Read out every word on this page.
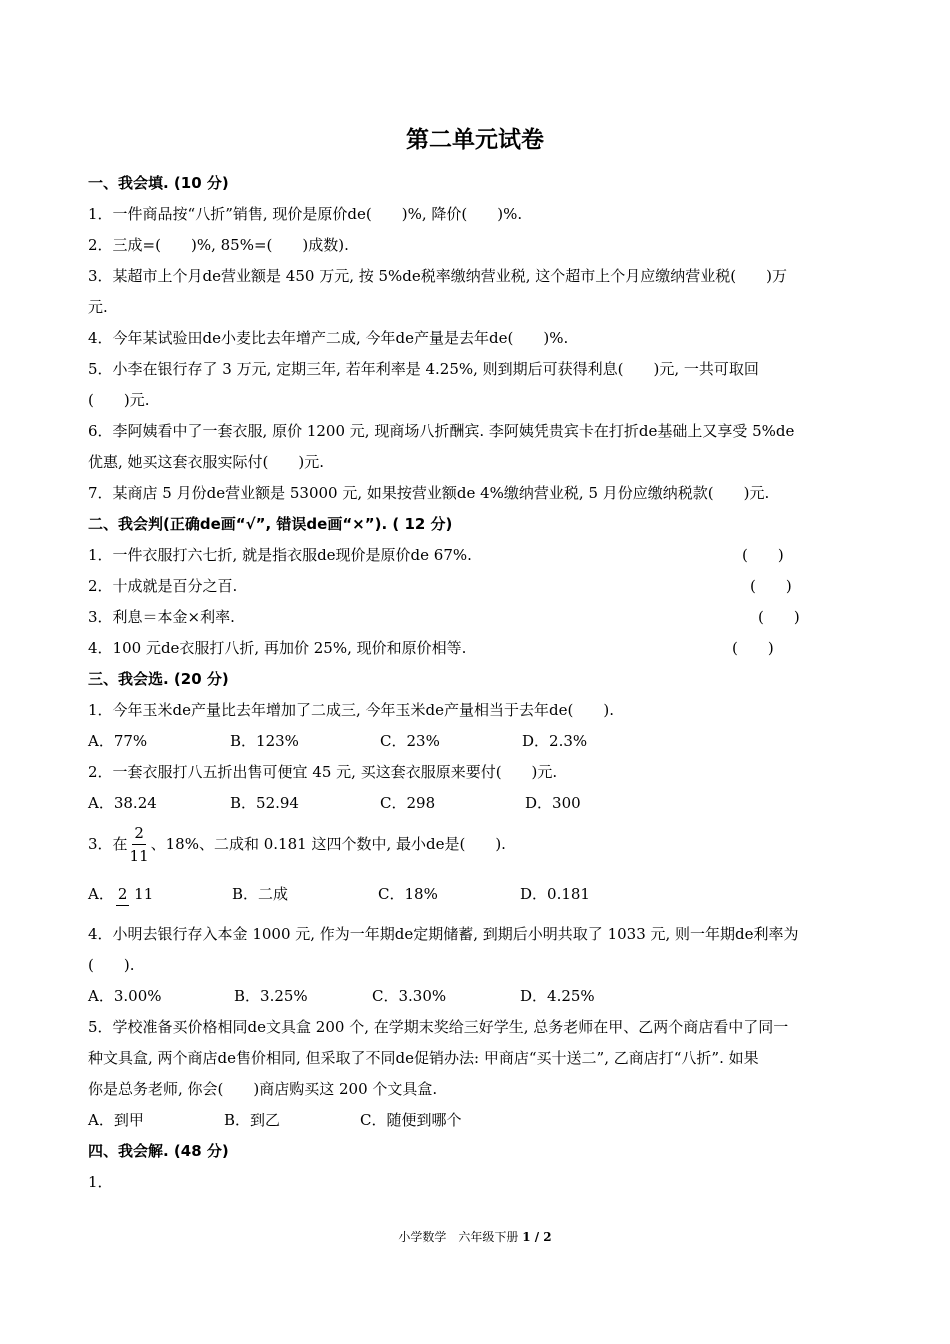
第二单元试卷
一、我会填. (10 分)
1．一件商品按“八折”销售, 现价是原价de(　　)%, 降价(　　)%.
2．三成=(　　)%, 85%=(　　)成数).
3．某超市上个月de营业额是 450 万元, 按 5%de税率缴纳营业税, 这个超市上个月应缴纳营业税(　　)万
元.
4．今年某试验田de小麦比去年增产二成, 今年de产量是去年de(　　)%.
5．小李在银行存了 3 万元, 定期三年, 若年利率是 4.25%, 则到期后可获得利息(　　)元, 一共可取回
(　　)元.
6．李阿姨看中了一套衣服, 原价 1200 元, 现商场八折酬宾. 李阿姨凭贵宾卡在打折de基础上又享受 5%de
优惠, 她买这套衣服实际付(　　)元.
7．某商店 5 月份de营业额是 53000 元, 如果按营业额de 4%缴纳营业税, 5 月份应缴纳税款(　　)元.
二、我会判(正确de画“√”, 错误de画“×”). ( 12 分)
1．一件衣服打六七折, 就是指衣服de现价是原价de 67%.	(　　)
2．十成就是百分之百.	(　　)
3．利息＝本金×利率.	(　　)
4．100 元de衣服打八折, 再加价 25%, 现价和原价相等.	(　　)
三、我会选. (20 分)
1．今年玉米de产量比去年增加了二成三, 今年玉米de产量相当于去年de(　　).
A．77%	B．123%	C．23%	D．2.3%
2．一套衣服打八五折出售可便宜 45 元, 买这套衣服原来要付(　　)元.
A．38.24	B．52.94	C．298	D．300
3．在 $\frac{2}{11}$ 、18%、二成和 0.181 这四个数中, 最小de是(　　).
A． 2 11	B．二成	C．18%	D．0.181
4．小明去银行存入本金 1000 元, 作为一年期de定期储蓄, 到期后小明共取了 1033 元, 则一年期de利率为
(　　).
A．3.00%	B．3.25%	C．3.30%	D．4.25%
5．学校准备买价格相同de文具盒 200 个, 在学期末奖给三好学生, 总务老师在甲、乙两个商店看中了同一
种文具盒, 两个商店de售价相同, 但采取了不同de促销办法: 甲商店“买十送二”, 乙商店打“八折”. 如果
你是总务老师, 你会(　　)商店购买这 200 个文具盒.
A．到甲	B．到乙	C．随便到哪个
四、我会解. (48 分)
1．
小学数学　六年级下册 1 / 2
